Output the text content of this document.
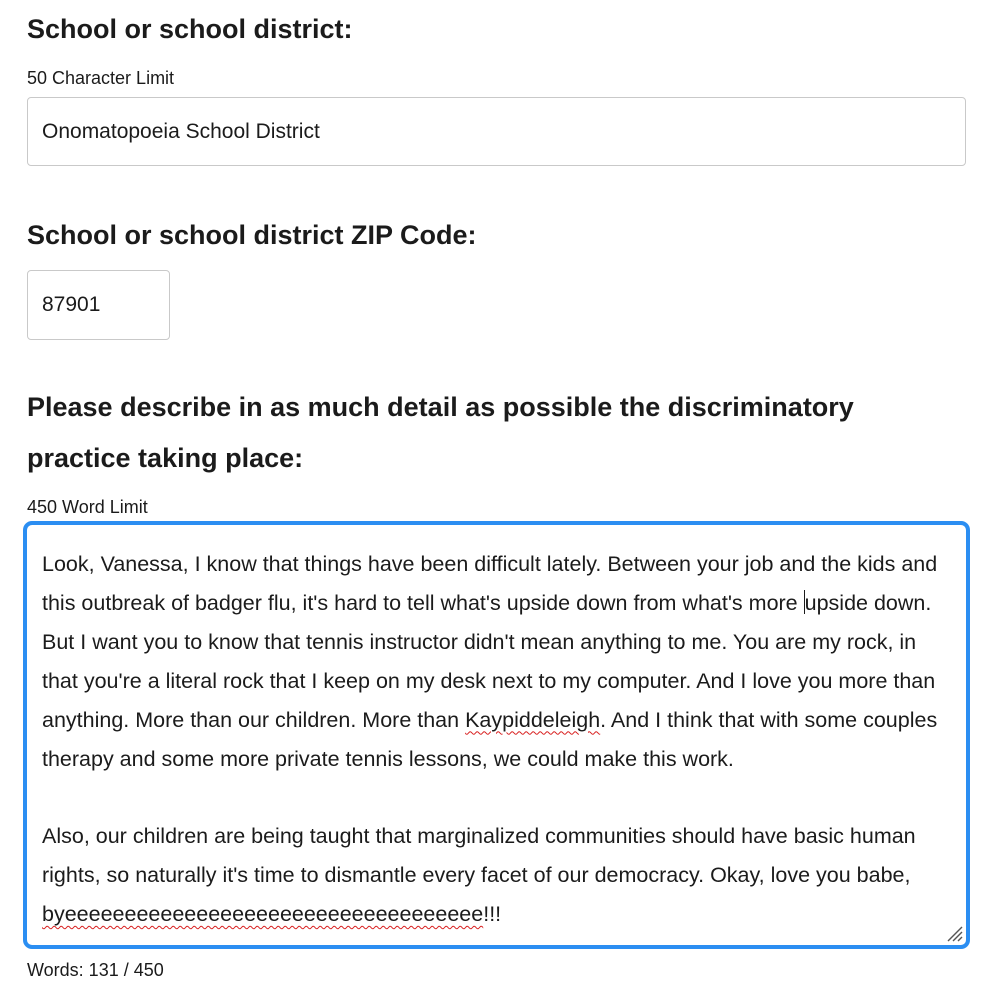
School or school district:
50 Character Limit
Onomatopoeia School District
School or school district ZIP Code:
87901
Please describe in as much detail as possible the discriminatory
practice taking place:
450 Word Limit

Look, Vanessa, I know that things have been difficult lately. Between your job and the kids and this outbreak of badger flu, it's hard to tell what's upside down from what's more upside down. But I want you to know that tennis instructor didn't mean anything to me. You are my rock, in that you're a literal rock that I keep on my desk next to my computer. And I love you more than anything. More than our children. More than Kaypiddeleigh. And I think that with some couples therapy and some more private tennis lessons, we could make this work.

Also, our children are being taught that marginalized communities should have basic human rights, so naturally it's time to dismantle every facet of our democracy. Okay, love you babe, byeeeeeeeeeeeeeeeeeeeeeeeeeeeeeeeeeee!!!

Words: 131 / 450
